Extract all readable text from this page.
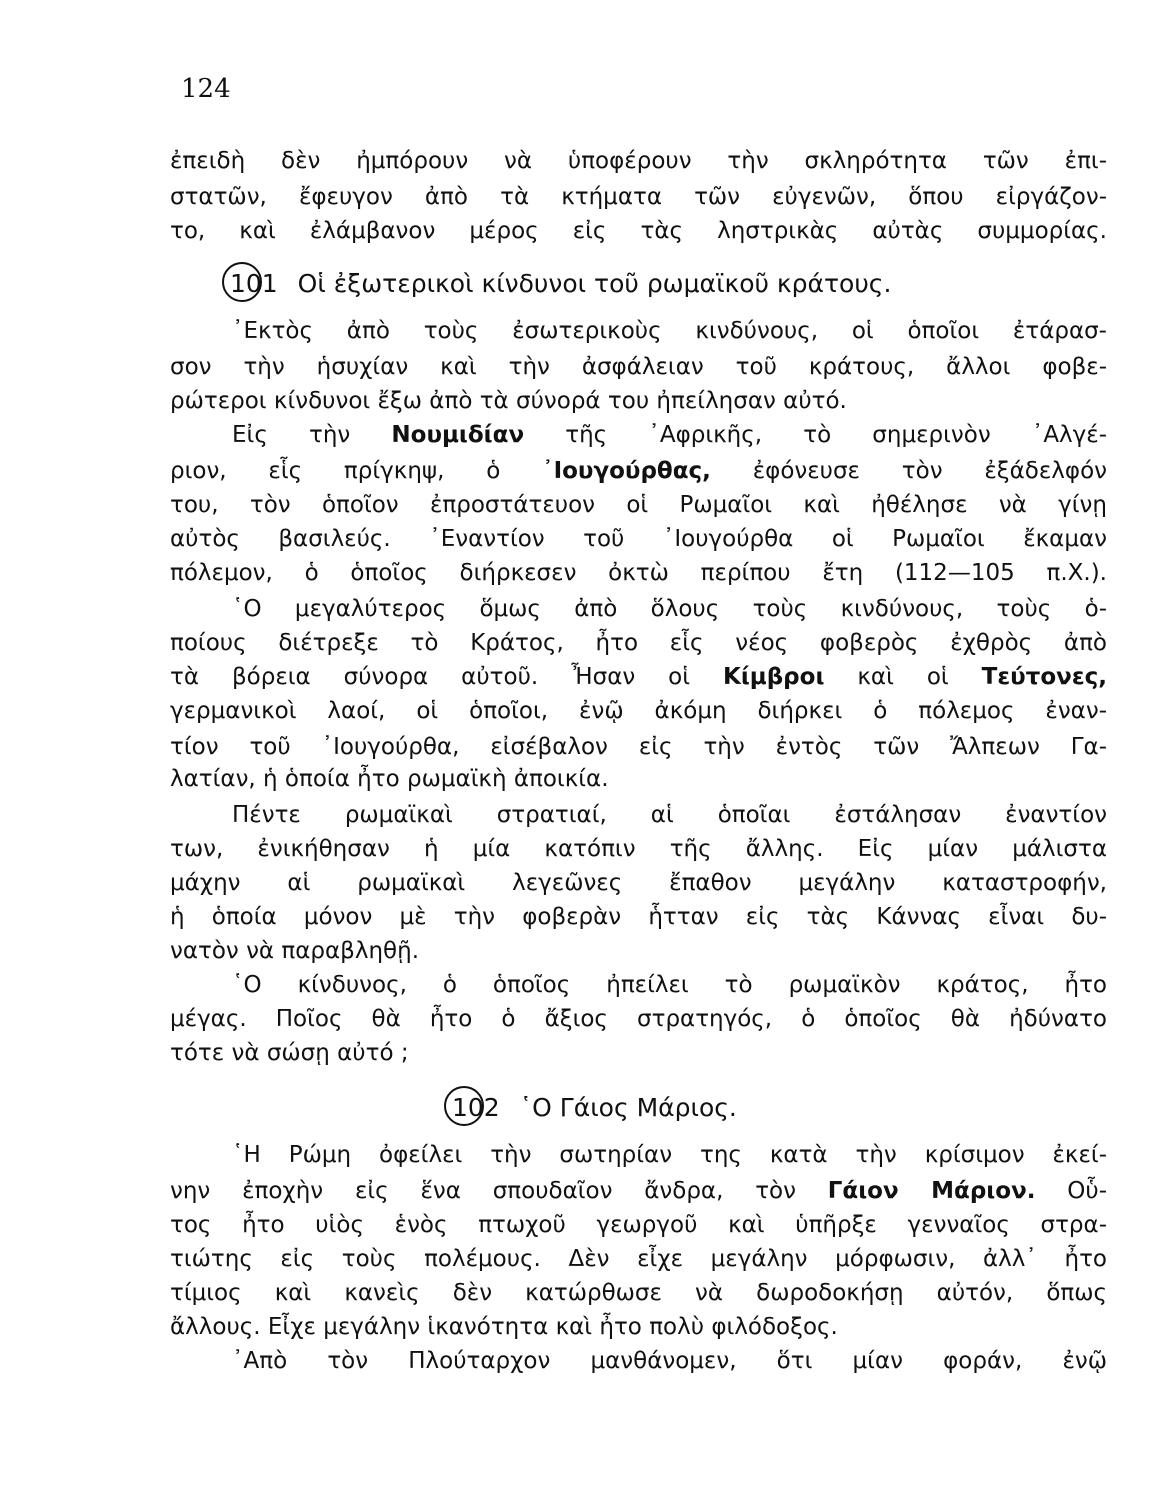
124
ἐπειδὴ δὲν ἠμπόρουν νὰ ὑποφέρουν τὴν σκληρότητα τῶν ἐπι-
στατῶν, ἔφευγον ἀπὸ τὰ κτήματα τῶν εὐγενῶν, ὅπου εἰργάζον-
το, καὶ ἐλάμβανον μέρος εἰς τὰς ληστρικὰς αὐτὰς συμμορίας.
101 Οἱ ἐξωτερικοὶ κίνδυνοι τοῦ ρωμαϊκοῦ κράτους.
᾿Εκτὸς ἀπὸ τοὺς ἐσωτερικοὺς κινδύνους, οἱ ὁποῖοι ἐτάρασ-
σον τὴν ἡσυχίαν καὶ τὴν ἀσφάλειαν τοῦ κράτους, ἄλλοι φοβε-
ρώτεροι κίνδυνοι ἔξω ἀπὸ τὰ σύνορά του ἠπείλησαν αὐτό.
Εἰς τὴν Νουμιδίαν τῆς ᾿Αφρικῆς, τὸ σημερινὸν ᾿Αλγέ-
ριον, εἷς πρίγκηψ, ὁ ᾿Ιουγούρθας, ἐφόνευσε τὸν ἐξάδελφόν
του, τὸν ὁποῖον ἐπροστάτευον οἱ Ρωμαῖοι καὶ ἠθέλησε νὰ γίνῃ
αὐτὸς βασιλεύς. ᾿Εναντίον τοῦ ᾿Ιουγούρθα οἱ Ρωμαῖοι ἔκαμαν
πόλεμον, ὁ ὁποῖος διήρκεσεν ὀκτὼ περίπου ἔτη (112—105 π.Χ.).
῾Ο μεγαλύτερος ὅμως ἀπὸ ὅλους τοὺς κινδύνους, τοὺς ὁ-
ποίους διέτρεξε τὸ Κράτος, ἦτο εἷς νέος φοβερὸς ἐχθρὸς ἀπὸ
τὰ βόρεια σύνορα αὐτοῦ. Ἦσαν οἱ Κίμβροι καὶ οἱ Τεύτονες,
γερμανικοὶ λαοί, οἱ ὁποῖοι, ἐνῷ ἀκόμη διήρκει ὁ πόλεμος ἐναν-
τίον τοῦ ᾿Ιουγούρθα, εἰσέβαλον εἰς τὴν ἐντὸς τῶν Ἄλπεων Γα-
λατίαν, ἡ ὁποία ἦτο ρωμαϊκὴ ἀποικία.
Πέντε ρωμαϊκαὶ στρατιαί, αἱ ὁποῖαι ἐστάλησαν ἐναντίον
των, ἐνικήθησαν ἡ μία κατόπιν τῆς ἄλλης. Εἰς μίαν μάλιστα
μάχην αἱ ρωμαϊκαὶ λεγεῶνες ἔπαθον μεγάλην καταστροφήν,
ἡ ὁποία μόνον μὲ τὴν φοβερὰν ἧτταν εἰς τὰς Κάννας εἶναι δυ-
νατὸν νὰ παραβληθῇ.
῾Ο κίνδυνος, ὁ ὁποῖος ἠπείλει τὸ ρωμαϊκὸν κράτος, ἦτο
μέγας. Ποῖος θὰ ἦτο ὁ ἄξιος στρατηγός, ὁ ὁποῖος θὰ ἠδύνατο
τότε νὰ σώσῃ αὐτό ;
102 ῾Ο Γάιος Μάριος.
῾Η Ρώμη ὀφείλει τὴν σωτηρίαν της κατὰ τὴν κρίσιμον ἐκεί-
νην ἐποχὴν εἰς ἕνα σπουδαῖον ἄνδρα, τὸν Γάιον Μάριον. Οὗ-
τος ἦτο υἱὸς ἑνὸς πτωχοῦ γεωργοῦ καὶ ὑπῆρξε γενναῖος στρα-
τιώτης εἰς τοὺς πολέμους. Δὲν εἶχε μεγάλην μόρφωσιν, ἀλλ᾿ ἦτο
τίμιος καὶ κανεὶς δὲν κατώρθωσε νὰ δωροδοκήσῃ αὐτόν, ὅπως
ἄλλους. Εἶχε μεγάλην ἱκανότητα καὶ ἦτο πολὺ φιλόδοξος.
᾿Απὸ τὸν Πλούταρχον μανθάνομεν, ὅτι μίαν φοράν, ἐνῷ
